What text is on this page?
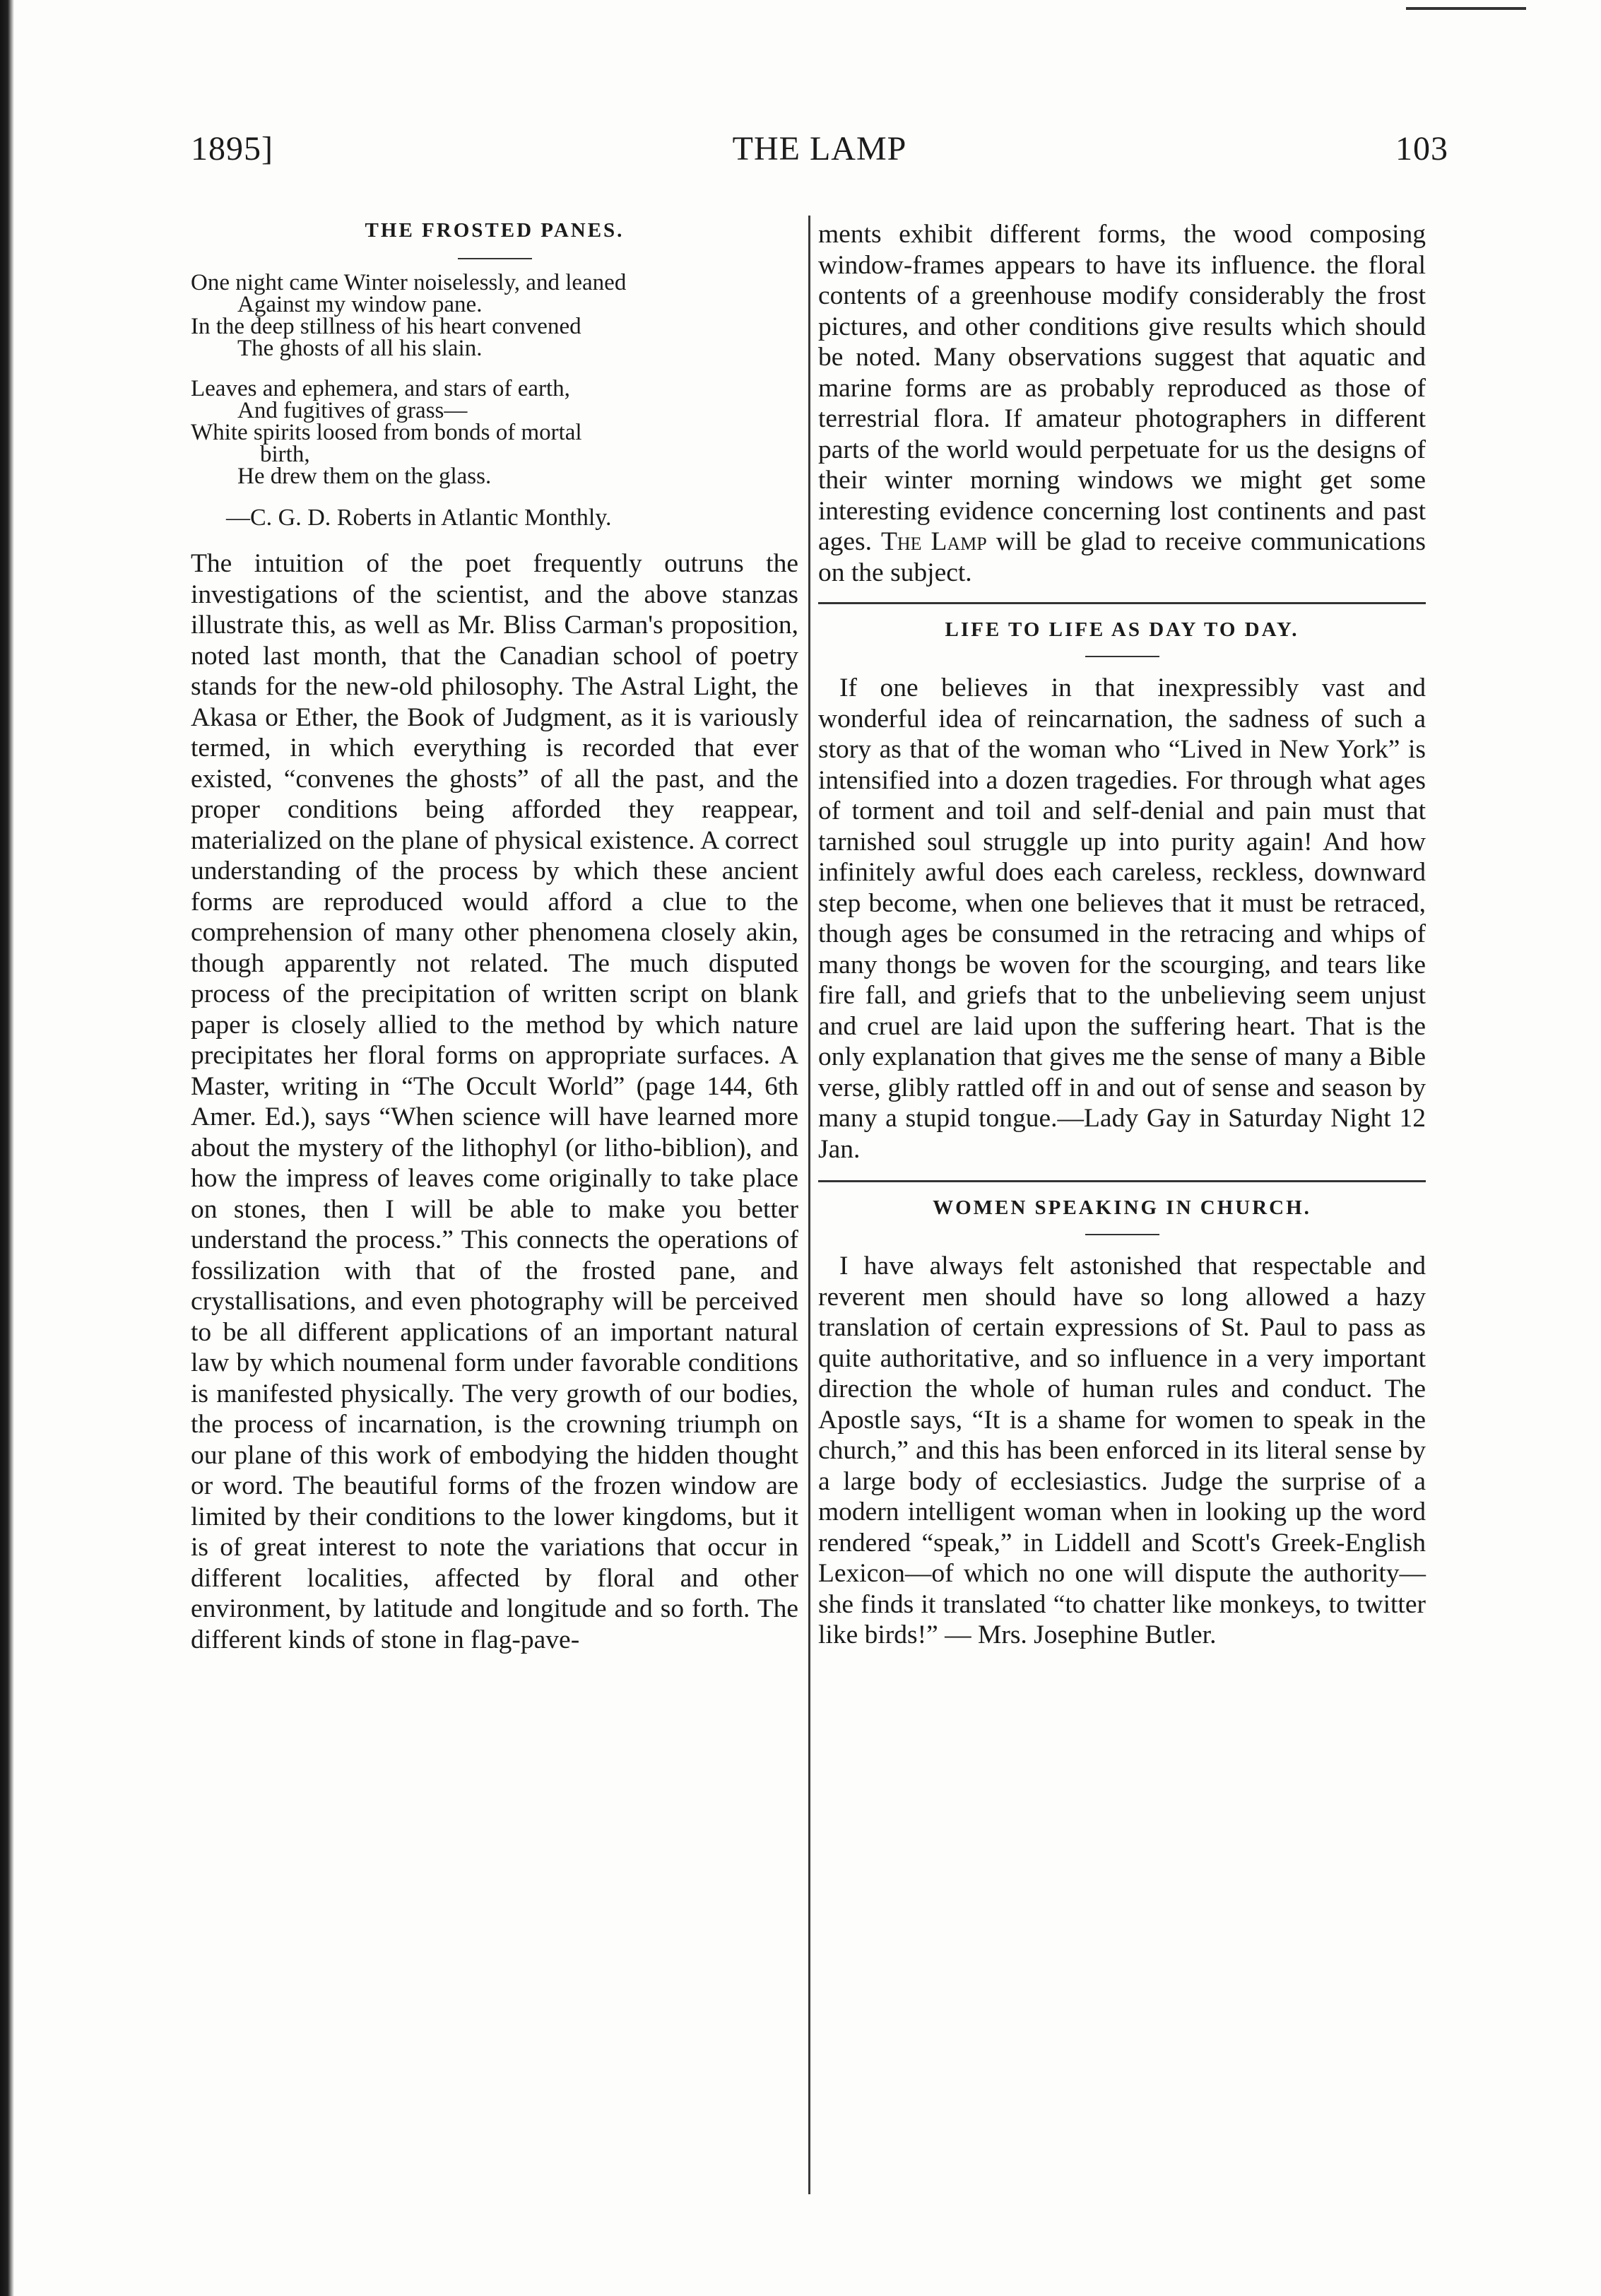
1895]	THE LAMP	103
THE FROSTED PANES.
One night came Winter noiselessly, and leaned
Against my window pane.
In the deep stillness of his heart convened
The ghosts of all his slain.
Leaves and ephemera, and stars of earth,
And fugitives of grass—
White spirits loosed from bonds of mortal
birth,
He drew them on the glass.
—C. G. D. Roberts in Atlantic Monthly.

The intuition of the poet frequently outruns the investigations of the scientist, and the above stanzas illustrate this, as well as Mr. Bliss Carman's proposition, noted last month, that the Canadian school of poetry stands for the new-old philosophy. The Astral Light, the Akasa or Ether, the Book of Judgment, as it is variously termed, in which everything is recorded that ever existed, “convenes the ghosts” of all the past, and the proper conditions being afforded they reappear, materialized on the plane of physical existence. A correct understanding of the process by which these ancient forms are reproduced would afford a clue to the comprehension of many other phenomena closely akin, though apparently not related. The much disputed process of the precipitation of written script on blank paper is closely allied to the method by which nature precipitates her floral forms on appropriate surfaces. A Master, writing in “The Occult World” (page 144, 6th Amer. Ed.), says “When science will have learned more about the mystery of the lithophyl (or litho-biblion), and how the impress of leaves come originally to take place on stones, then I will be able to make you better understand the process.” This connects the operations of fossilization with that of the frosted pane, and crystallisations, and even photography will be perceived to be all different applications of an important natural law by which noumenal form under favorable conditions is manifested physically. The very growth of our bodies, the process of incarnation, is the crowning triumph on our plane of this work of embodying the hidden thought or word. The beautiful forms of the frozen window are limited by their conditions to the lower kingdoms, but it is of great interest to note the variations that occur in different localities, affected by floral and other environment, by latitude and longitude and so forth. The different kinds of stone in flag-pave-

ments exhibit different forms, the wood composing window-frames appears to have its influence. the floral contents of a greenhouse modify considerably the frost pictures, and other conditions give results which should be noted. Many observations suggest that aquatic and marine forms are as probably reproduced as those of terrestrial flora. If amateur photographers in different parts of the world would perpetuate for us the designs of their winter morning windows we might get some interesting evidence concerning lost continents and past ages. The Lamp will be glad to receive communications on the subject.

LIFE TO LIFE AS DAY TO DAY.

If one believes in that inexpressibly vast and wonderful idea of reincarnation, the sadness of such a story as that of the woman who “Lived in New York” is intensified into a dozen tragedies. For through what ages of torment and toil and self-denial and pain must that tarnished soul struggle up into purity again! And how infinitely awful does each careless, reckless, downward step become, when one believes that it must be retraced, though ages be consumed in the retracing and whips of many thongs be woven for the scourging, and tears like fire fall, and griefs that to the unbelieving seem unjust and cruel are laid upon the suffering heart. That is the only explanation that gives me the sense of many a Bible verse, glibly rattled off in and out of sense and season by many a stupid tongue.—Lady Gay in Saturday Night 12 Jan.

WOMEN SPEAKING IN CHURCH.

I have always felt astonished that respectable and reverent men should have so long allowed a hazy translation of certain expressions of St. Paul to pass as quite authoritative, and so influence in a very important direction the whole of human rules and conduct. The Apostle says, “It is a shame for women to speak in the church,” and this has been enforced in its literal sense by a large body of ecclesiastics. Judge the surprise of a modern intelligent woman when in looking up the word rendered “speak,” in Liddell and Scott's Greek-English Lexicon—of which no one will dispute the authority—she finds it translated “to chatter like monkeys, to twitter like birds!” — Mrs. Josephine Butler.
